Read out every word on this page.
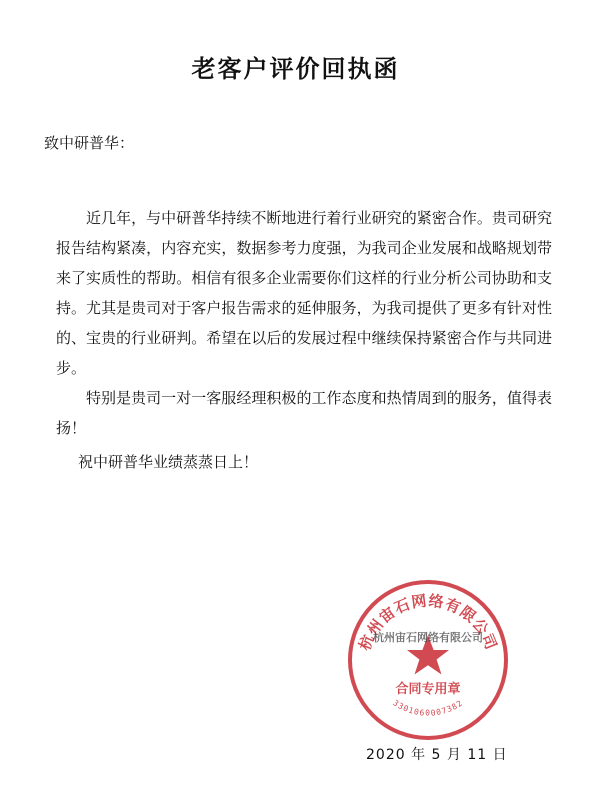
老客户评价回执函
致中研普华：

近几年，与中研普华持续不断地进行着行业研究的紧密合作。贵司研究报告结构紧凑，内容充实，数据参考力度强，为我司企业发展和战略规划带来了实质性的帮助。相信有很多企业需要你们这样的行业分析公司协助和支持。尤其是贵司对于客户报告需求的延伸服务，为我司提供了更多有针对性的、宝贵的行业研判。希望在以后的发展过程中继续保持紧密合作与共同进步。

特别是贵司一对一客服经理积极的工作态度和热情周到的服务，值得表扬！

祝中研普华业绩蒸蒸日上！

杭州宙石网络有限公司
杭州宙石网络有限公司
合同专用章
3301060007382
2020 年 5 月 11 日
